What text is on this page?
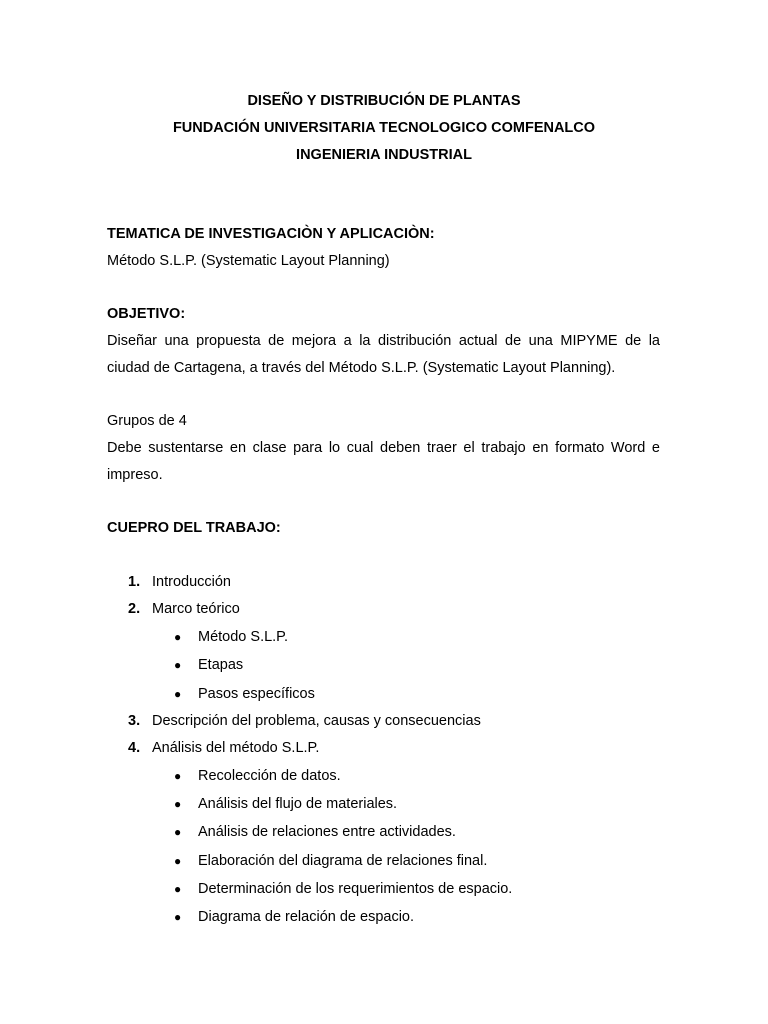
DISEÑO Y DISTRIBUCIÓN DE PLANTAS
FUNDACIÓN UNIVERSITARIA TECNOLOGICO COMFENALCO
INGENIERIA INDUSTRIAL
TEMATICA DE INVESTIGACIÒN Y APLICACIÒN:
Método S.L.P. (Systematic Layout Planning)
OBJETIVO:
Diseñar una propuesta de mejora a la distribución actual de una MIPYME de la ciudad de Cartagena, a través del Método S.L.P. (Systematic Layout Planning).
Grupos de 4
Debe sustentarse en clase para lo cual deben traer el trabajo en formato Word e impreso.
CUEPRO DEL TRABAJO:
1. Introducción
2. Marco teórico
● Método S.L.P.
● Etapas
● Pasos específicos
3. Descripción del problema, causas y consecuencias
4. Análisis del método S.L.P.
● Recolección de datos.
● Análisis del flujo de materiales.
● Análisis de relaciones entre actividades.
● Elaboración del diagrama de relaciones final.
● Determinación de los requerimientos de espacio.
● Diagrama de relación de espacio.
